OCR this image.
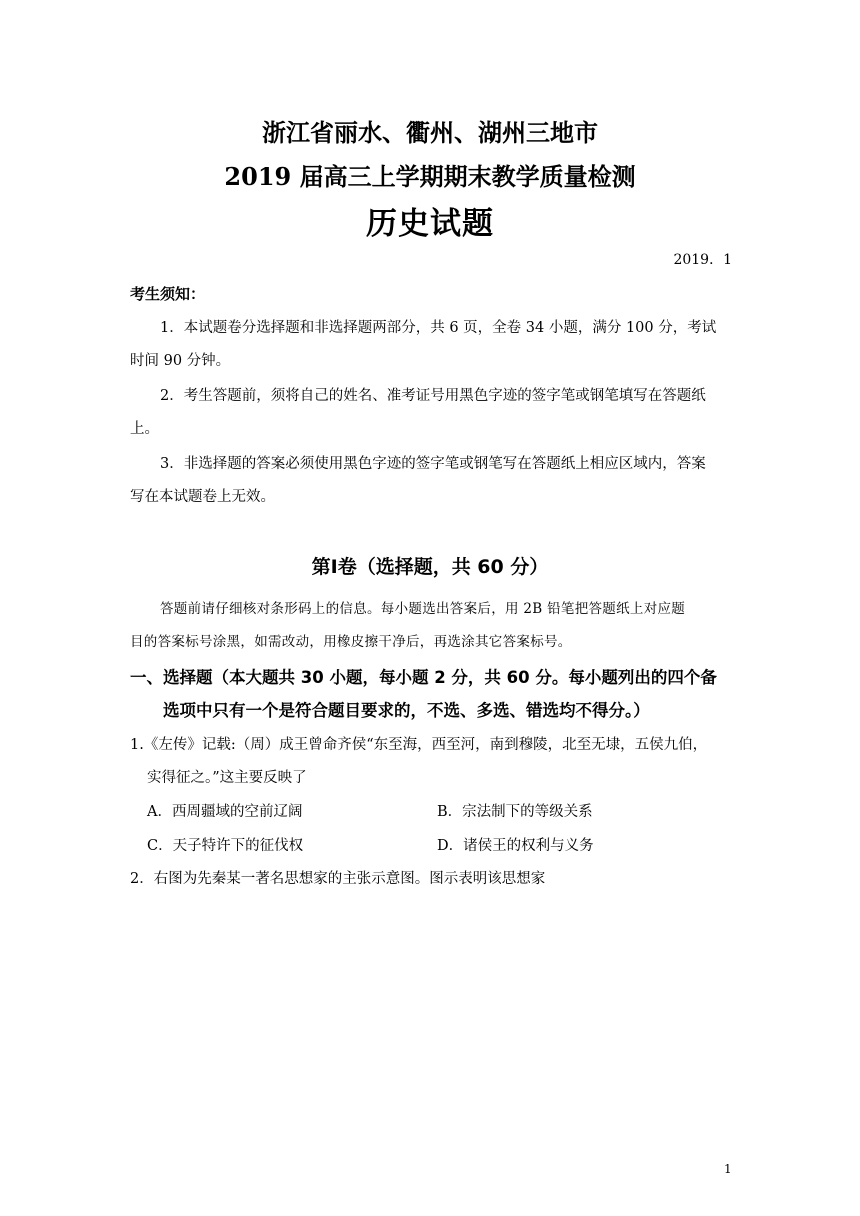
浙江省丽水、衢州、湖州三地市
2019 届高三上学期期末教学质量检测
历史试题
2019．1
考生须知：
1．本试题卷分选择题和非选择题两部分，共 6 页，全卷 34 小题，满分 100 分，考试
时间 90 分钟。
2．考生答题前，须将自己的姓名、准考证号用黑色字迹的签字笔或钢笔填写在答题纸
上。
3．非选择题的答案必须使用黑色字迹的签字笔或钢笔写在答题纸上相应区域内，答案
写在本试题卷上无效。
第Ⅰ卷（选择题，共 60 分）
答题前请仔细核对条形码上的信息。每小题选出答案后，用 2B 铅笔把答题纸上对应题
目的答案标号涂黑，如需改动，用橡皮擦干净后，再选涂其它答案标号。
一、选择题（本大题共 30 小题，每小题 2 分，共 60 分。每小题列出的四个备
选项中只有一个是符合题目要求的，不选、多选、错选均不得分。）
1.《左传》记载:（周）成王曾命齐侯“东至海，西至河，南到穆陵，北至无埭，五侯九伯，
实得征之。”这主要反映了
A．西周疆域的空前辽阔	B．宗法制下的等级关系
C．天子特许下的征伐权	D．诸侯王的权利与义务
2．右图为先秦某一著名思想家的主张示意图。图示表明该思想家
1
